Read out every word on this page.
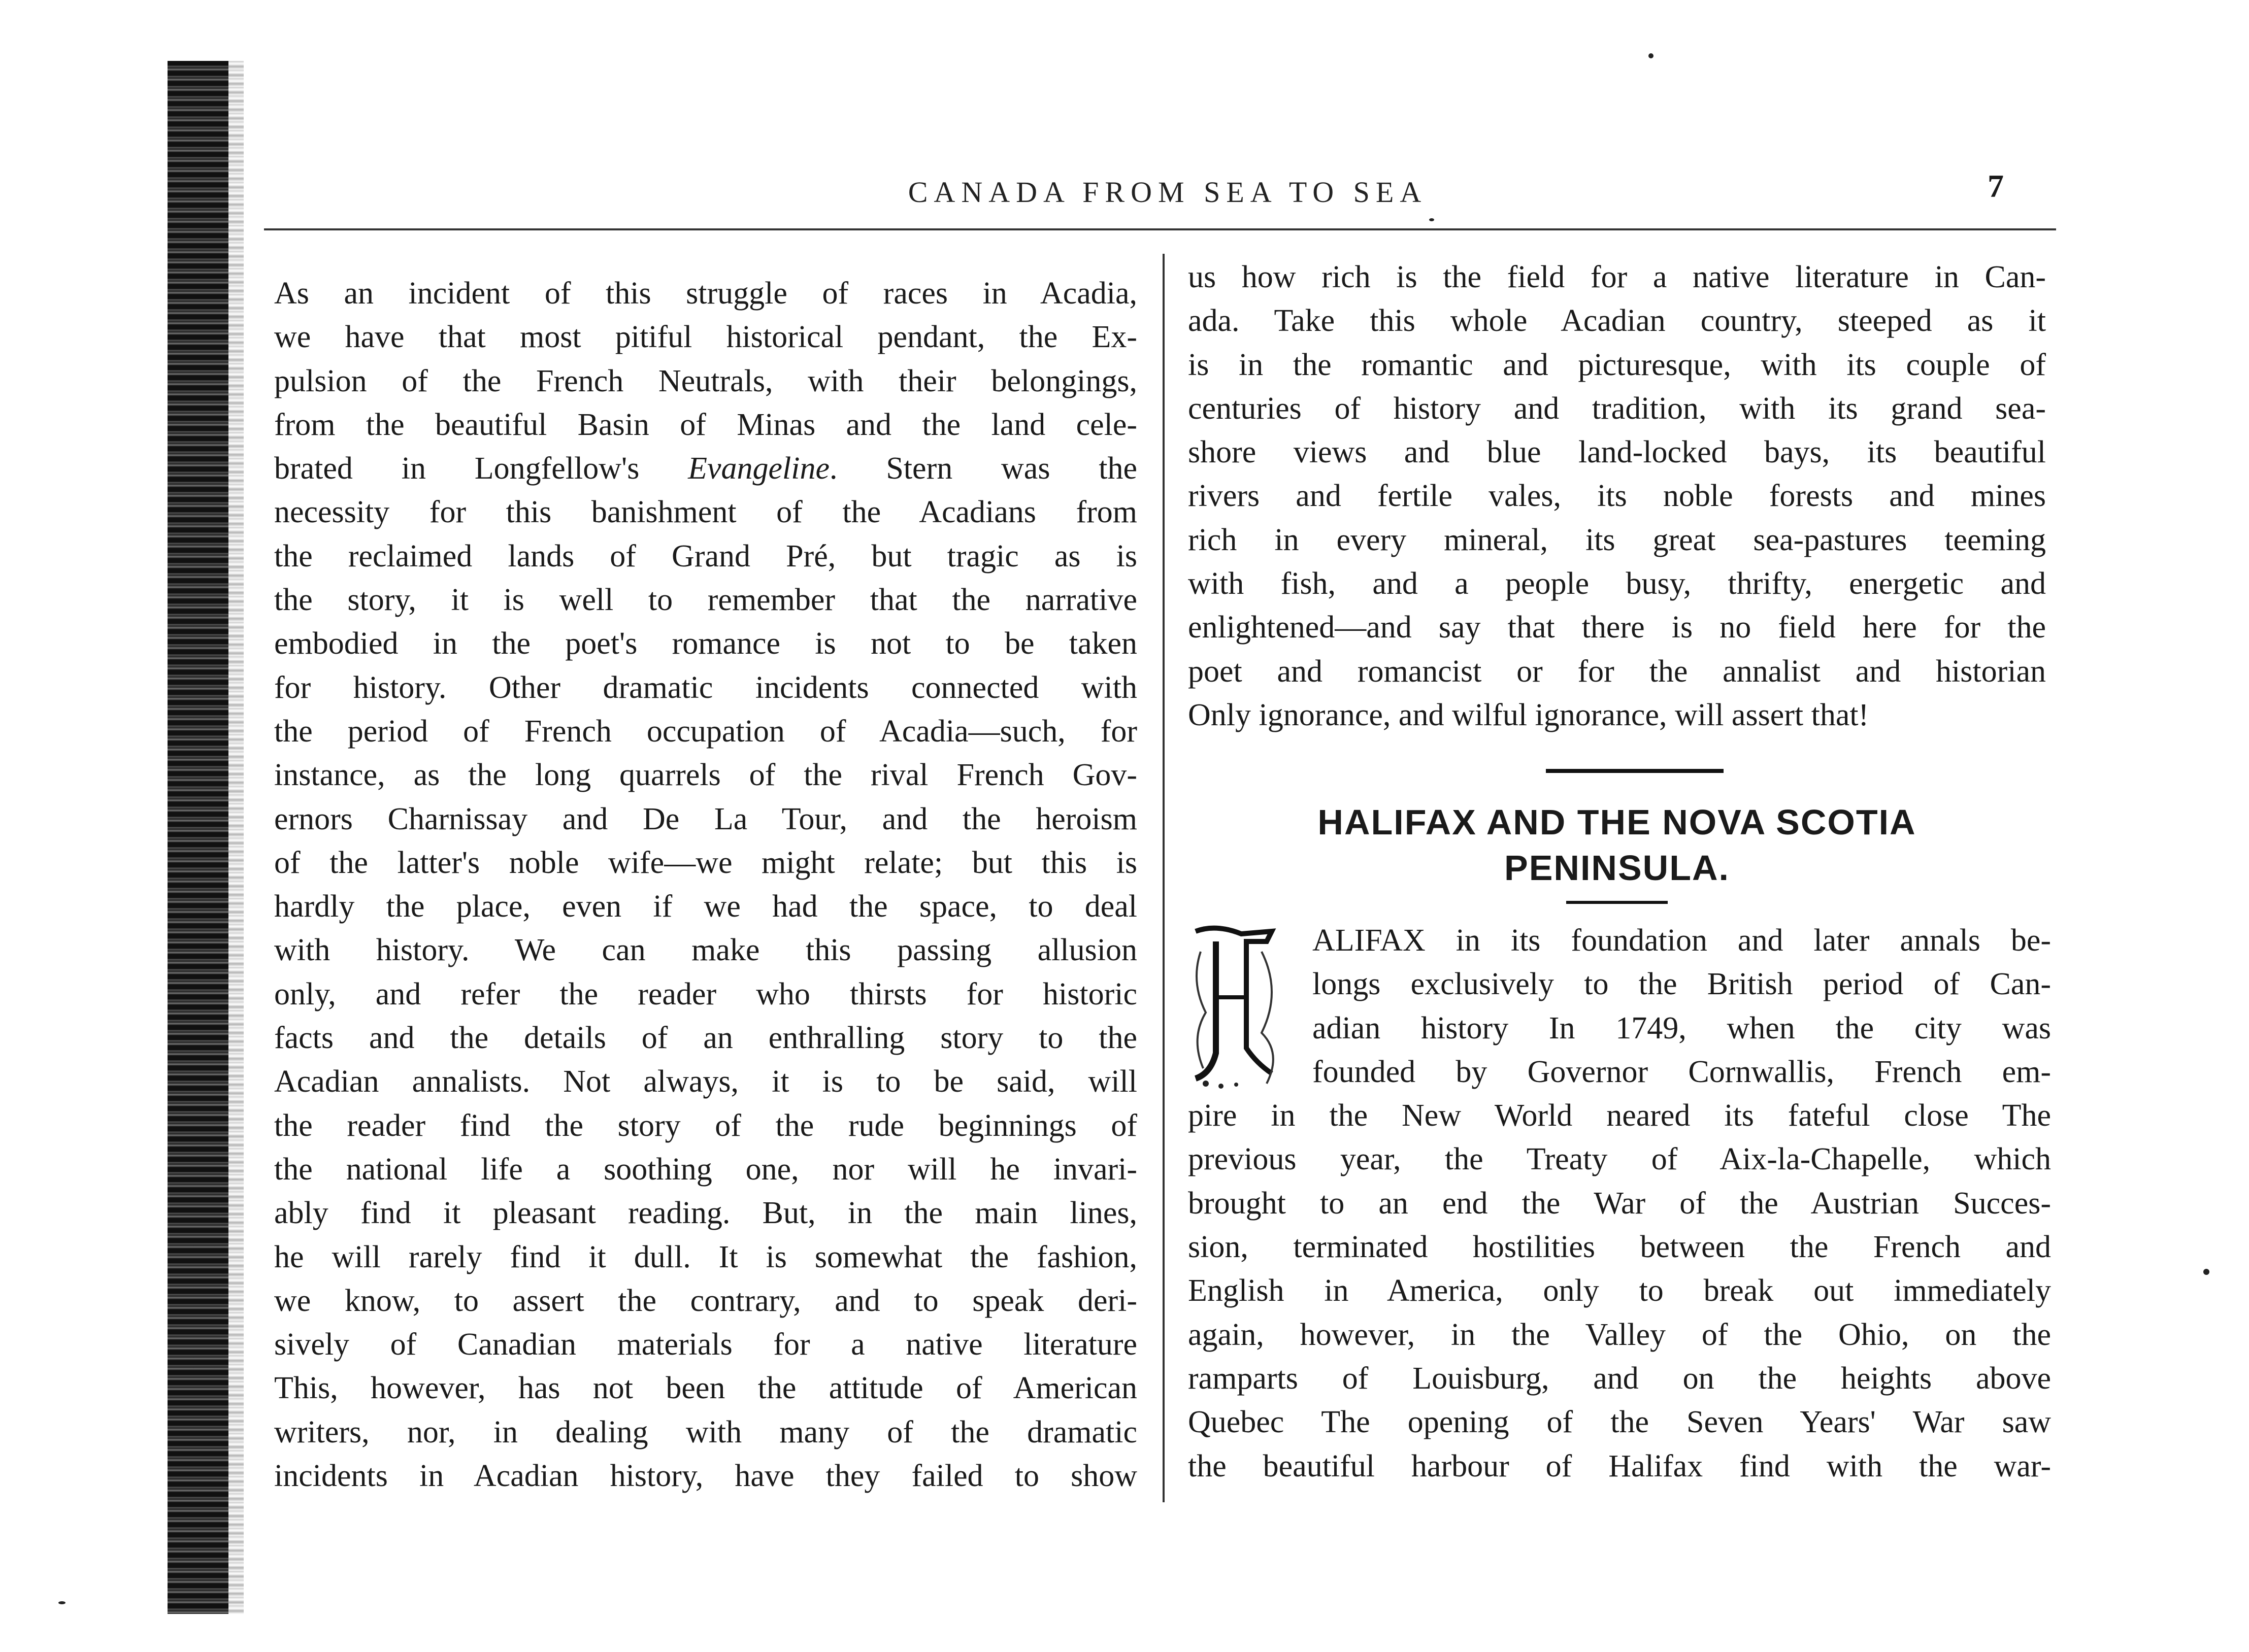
CANADA FROM SEA TO SEA	7
As an incident of this struggle of races in Acadia,
we have that most pitiful historical pendant, the Ex-
pulsion of the French Neutrals, with their belongings,
from the beautiful Basin of Minas and the land cele-
brated in Longfellow's Evangeline. Stern was the
necessity for this banishment of the Acadians from
the reclaimed lands of Grand Pré, but tragic as is
the story, it is well to remember that the narrative
embodied in the poet's romance is not to be taken
for history. Other dramatic incidents connected with
the period of French occupation of Acadia—such, for
instance, as the long quarrels of the rival French Gov-
ernors Charnissay and De La Tour, and the heroism
of the latter's noble wife—we might relate; but this is
hardly the place, even if we had the space, to deal
with history. We can make this passing allusion
only, and refer the reader who thirsts for historic
facts and the details of an enthralling story to the
Acadian annalists. Not always, it is to be said, will
the reader find the story of the rude beginnings of
the national life a soothing one, nor will he invari-
ably find it pleasant reading. But, in the main lines,
he will rarely find it dull. It is somewhat the fashion,
we know, to assert the contrary, and to speak deri-
sively of Canadian materials for a native literature
This, however, has not been the attitude of American
writers, nor, in dealing with many of the dramatic
incidents in Acadian history, have they failed to show
us how rich is the field for a native literature in Can-
ada. Take this whole Acadian country, steeped as it
is in the romantic and picturesque, with its couple of
centuries of history and tradition, with its grand sea-
shore views and blue land-locked bays, its beautiful
rivers and fertile vales, its noble forests and mines
rich in every mineral, its great sea-pastures teeming
with fish, and a people busy, thrifty, energetic and
enlightened—and say that there is no field here for the
poet and romancist or for the annalist and historian
Only ignorance, and wilful ignorance, will assert that!
HALIFAX AND THE NOVA SCOTIA
PENINSULA.
ALIFAX in its foundation and later annals be-
longs exclusively to the British period of Can-
adian history In 1749, when the city was
founded by Governor Cornwallis, French em-
pire in the New World neared its fateful close The
previous year, the Treaty of Aix-la-Chapelle, which
brought to an end the War of the Austrian Succes-
sion, terminated hostilities between the French and
English in America, only to break out immediately
again, however, in the Valley of the Ohio, on the
ramparts of Louisburg, and on the heights above
Quebec The opening of the Seven Years' War saw
the beautiful harbour of Halifax find with the war-
